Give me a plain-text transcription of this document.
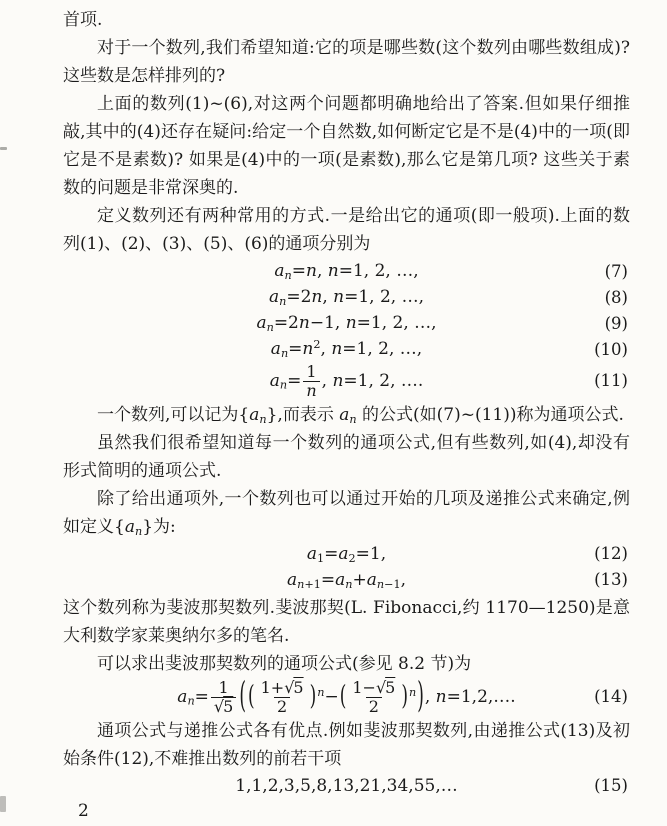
首项.

对于一个数列,我们希望知道:它的项是哪些数(这个数列由哪些数组成)? 这些数是怎样排列的?

上面的数列(1)~(6),对这两个问题都明确地给出了答案.但如果仔细推敲,其中的(4)还存在疑问:给定一个自然数,如何断定它是不是(4)中的一项(即它是不是素数)? 如果是(4)中的一项(是素数),那么它是第几项? 这些关于素数的问题是非常深奥的.

定义数列还有两种常用的方式.一是给出它的通项(即一般项).上面的数列(1)、(2)、(3)、(5)、(6)的通项分别为

$a_n=n$, n=1, 2, …,	(7)
$a_n=2n$, n=1, 2, …,	(8)
$a_n=2n-1$, n=1, 2, …,	(9)
$a_n=n^2$, n=1, 2, …,	(10)
$a_n= \frac{1}{n}$ , n=1, 2, ….	(11)

一个数列,可以记为$\{a_n\}$,而表示 $a_n$ 的公式(如(7)~(11))称为通项公式.

虽然我们很希望知道每一个数列的通项公式,但有些数列,如(4),却没有形式简明的通项公式.

除了给出通项外,一个数列也可以通过开始的几项及递推公式来确定,例如定义$\{a_n\}$为:

$a_1=a_2=1$,	(12)
$a_{n+1}=a_n+a_{n-1}$,	(13)

这个数列称为斐波那契数列.斐波那契(L. Fibonacci,约 1170—1250)是意大利数学家莱奥纳尔多的笔名.

可以求出斐波那契数列的通项公式(参见 8.2 节)为

$a_n= \frac{1}{√5}$ ( ( $\frac{1+√5}{2} )^n-( \frac{1-√5}{2} )^n$), n=1,2,….	(14)

通项公式与递推公式各有优点.例如斐波那契数列,由递推公式(13)及初始条件(12),不难推出数列的前若干项

1,1,2,3,5,8,13,21,34,55,…	(15)
2
